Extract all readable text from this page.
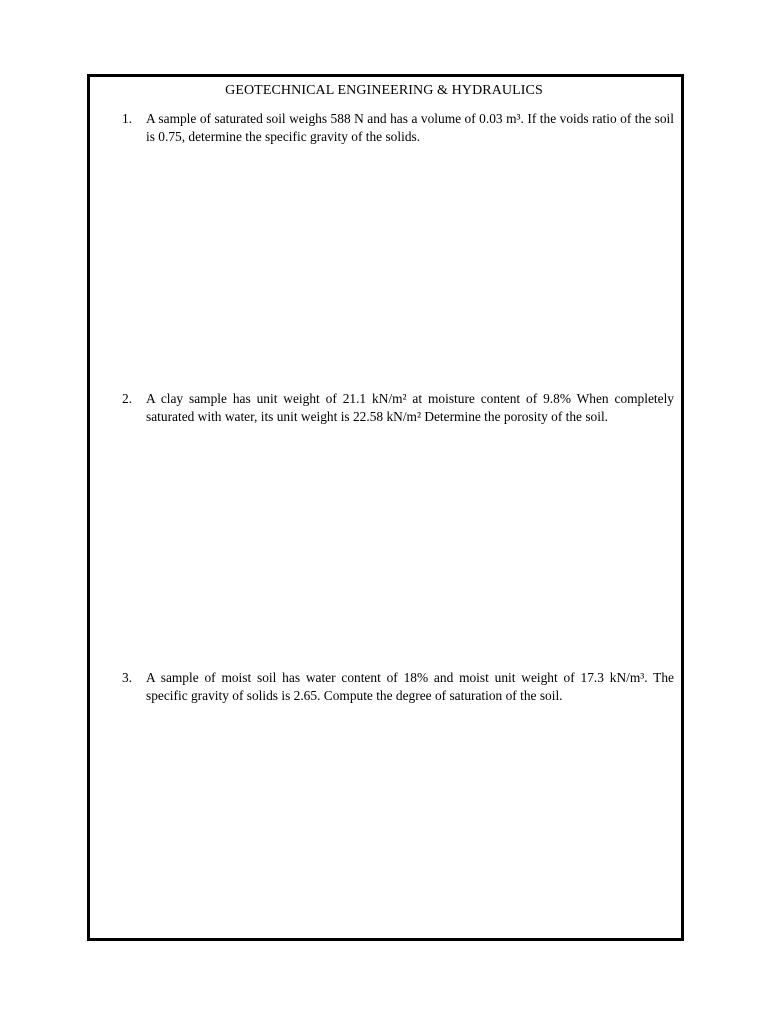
GEOTECHNICAL ENGINEERING & HYDRAULICS
1.	A sample of saturated soil weighs 588 N and has a volume of 0.03 m³. If the voids ratio of the soil is 0.75, determine the specific gravity of the solids.
2.	A clay sample has unit weight of 21.1 kN/m² at moisture content of 9.8% When completely saturated with water, its unit weight is 22.58 kN/m² Determine the porosity of the soil.
3.	A sample of moist soil has water content of 18% and moist unit weight of 17.3 kN/m³. The specific gravity of solids is 2.65. Compute the degree of saturation of the soil.
